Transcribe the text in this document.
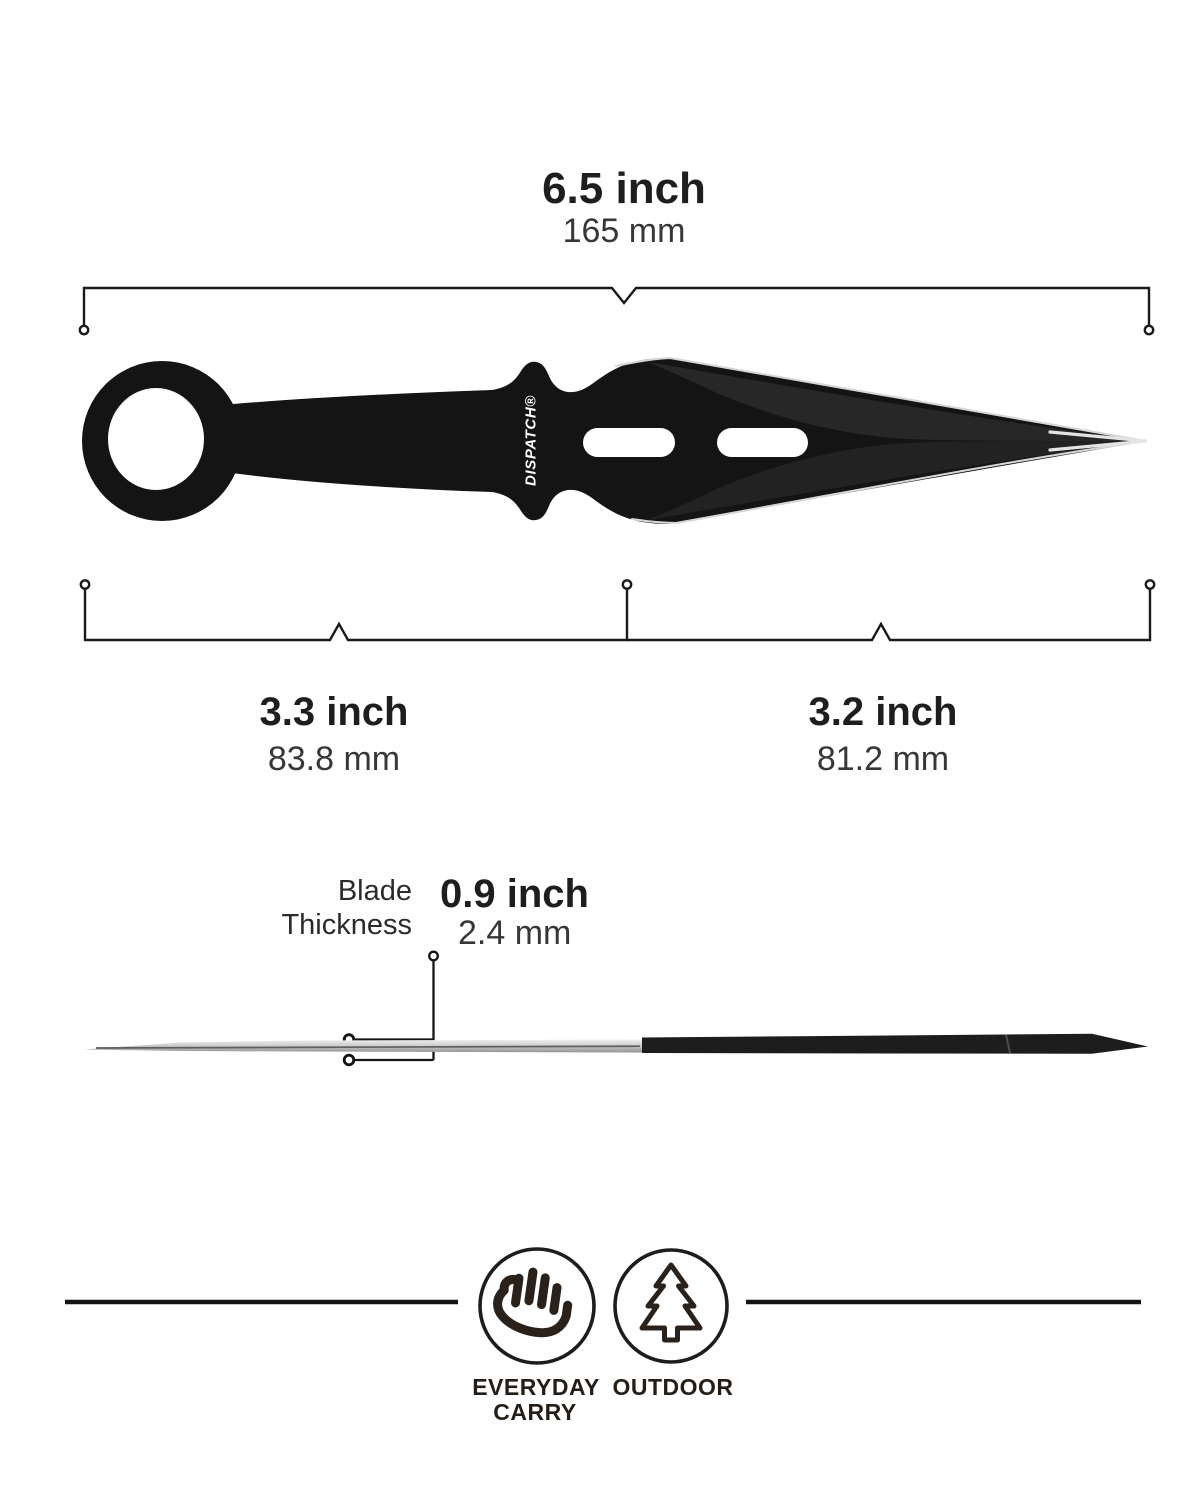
DISPATCH®
6.5 inch
165 mm
3.3 inch
83.8 mm
3.2 inch
81.2 mm
Blade
Thickness
0.9 inch
2.4 mm
EVERYDAY
CARRY
OUTDOOR
